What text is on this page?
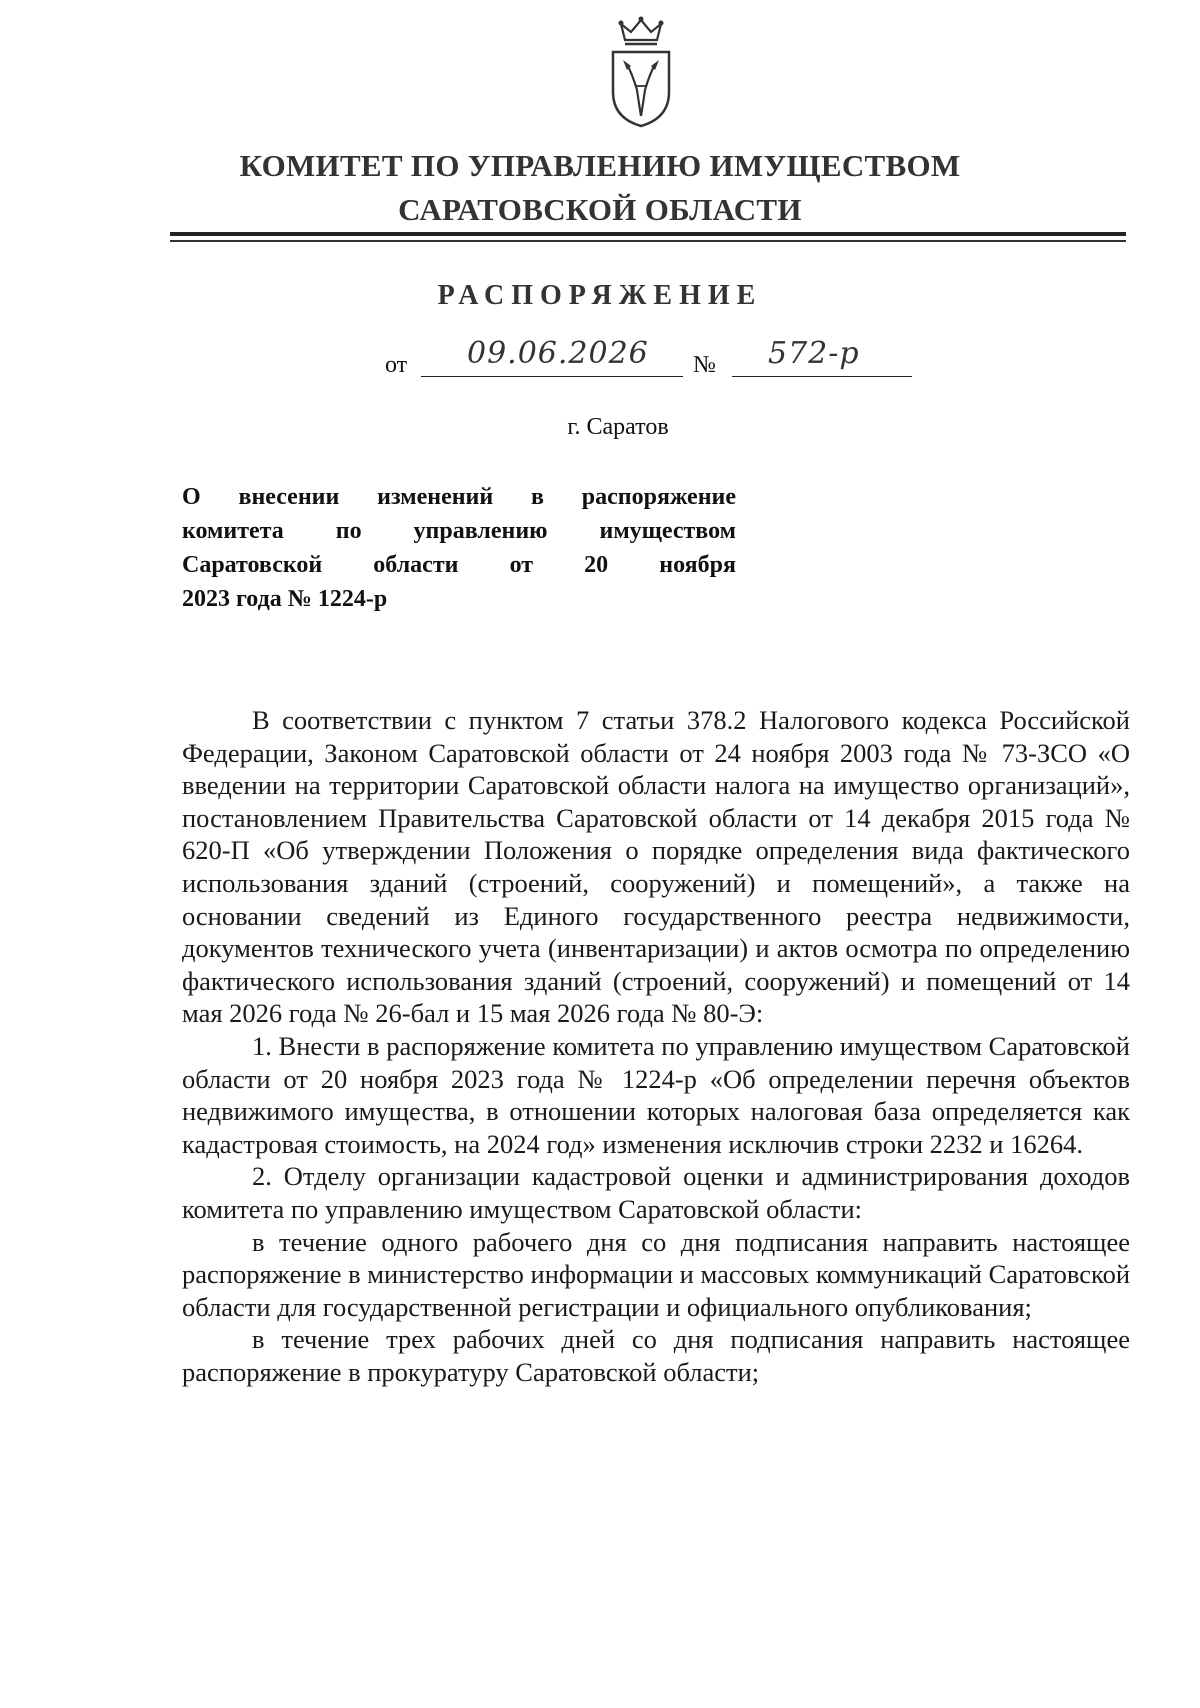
КОМИТЕТ ПО УПРАВЛЕНИЮ ИМУЩЕСТВОМ
САРАТОВСКОЙ ОБЛАСТИ
РАСПОРЯЖЕНИЕ
от 09.06.2026 № 572-р
г. Саратов
О внесении изменений в распоряжение
комитета по управлению имуществом
Саратовской области от 20 ноября
2023 года № 1224-р

В соответствии с пунктом 7 статьи 378.2 Налогового кодекса Российской Федерации, Законом Саратовской области от 24 ноября 2003 года № 73-ЗСО «О введении на территории Саратовской области налога на имущество организаций», постановлением Правительства Саратовской области от 14 декабря 2015 года № 620-П «Об утверждении Положения о порядке определения вида фактического использования зданий (строений, сооружений) и помещений», а также на основании сведений из Единого государственного реестра недвижимости, документов технического учета (инвентаризации) и актов осмотра по определению фактического использования зданий (строений, сооружений) и помещений от 14 мая 2026 года № 26-бал и 15 мая 2026 года № 80-Э:

1. Внести в распоряжение комитета по управлению имуществом Саратовской области от 20 ноября 2023 года № 1224-р «Об определении перечня объектов недвижимого имущества, в отношении которых налоговая база определяется как кадастровая стоимость, на 2024 год» изменения исключив строки 2232 и 16264.

2. Отделу организации кадастровой оценки и администрирования доходов комитета по управлению имуществом Саратовской области:

в течение одного рабочего дня со дня подписания направить настоящее распоряжение в министерство информации и массовых коммуникаций Саратовской области для государственной регистрации и официального опубликования;

в течение трех рабочих дней со дня подписания направить настоящее распоряжение в прокуратуру Саратовской области;
